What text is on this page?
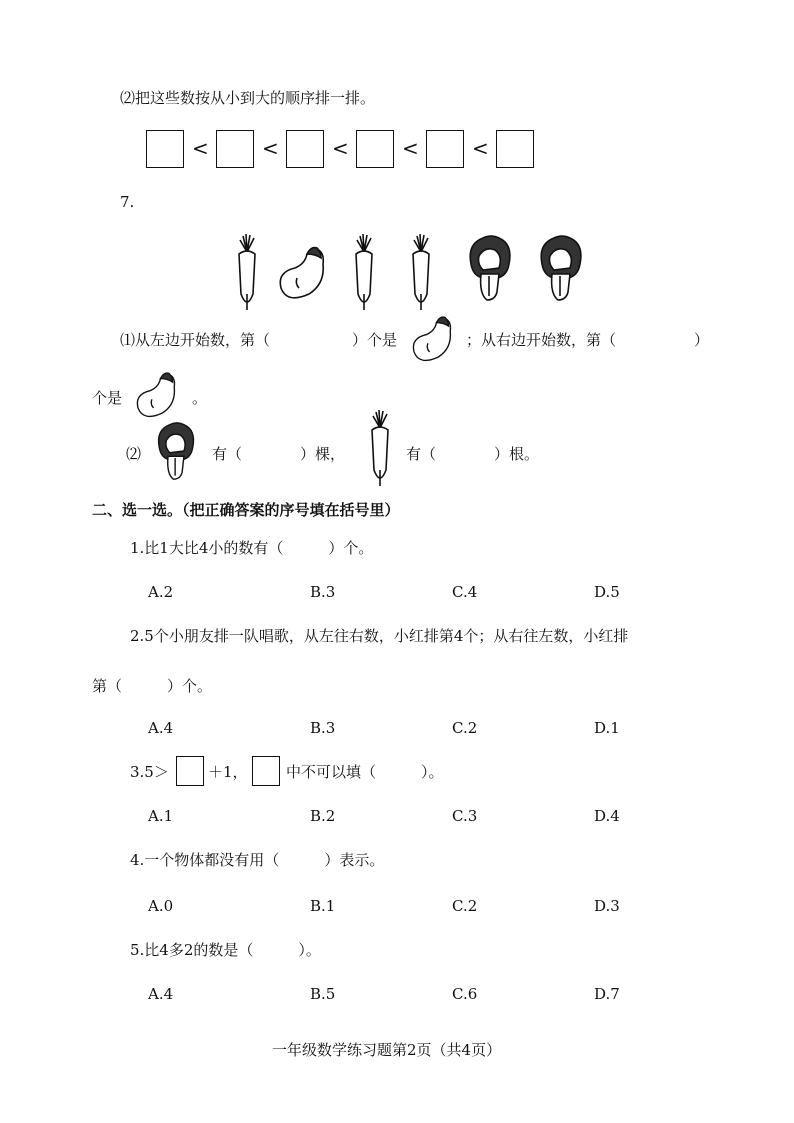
⑵把这些数按从小到大的顺序排一排。
<	<	<	<	<
7.
⑴从左边开始数，第（	）个是	；从右边开始数，第（	）
个是	。
⑵	有（	）棵，	有（	）根。
二、选一选。（把正确答案的序号填在括号里）
1.比1大比4小的数有（　　　）个。
A.2	B.3	C.4	D.5
2.5个小朋友排一队唱歌，从左往右数，小红排第4个；从右往左数，小红排
第（　　　）个。
A.4	B.3	C.2	D.1
3.5＞	＋1，	中不可以填（　　　）。
A.1	B.2	C.3	D.4
4.一个物体都没有用（　　　）表示。
A.0	B.1	C.2	D.3
5.比4多2的数是（　　　）。
A.4	B.5	C.6	D.7
一年级数学练习题第2页（共4页）
